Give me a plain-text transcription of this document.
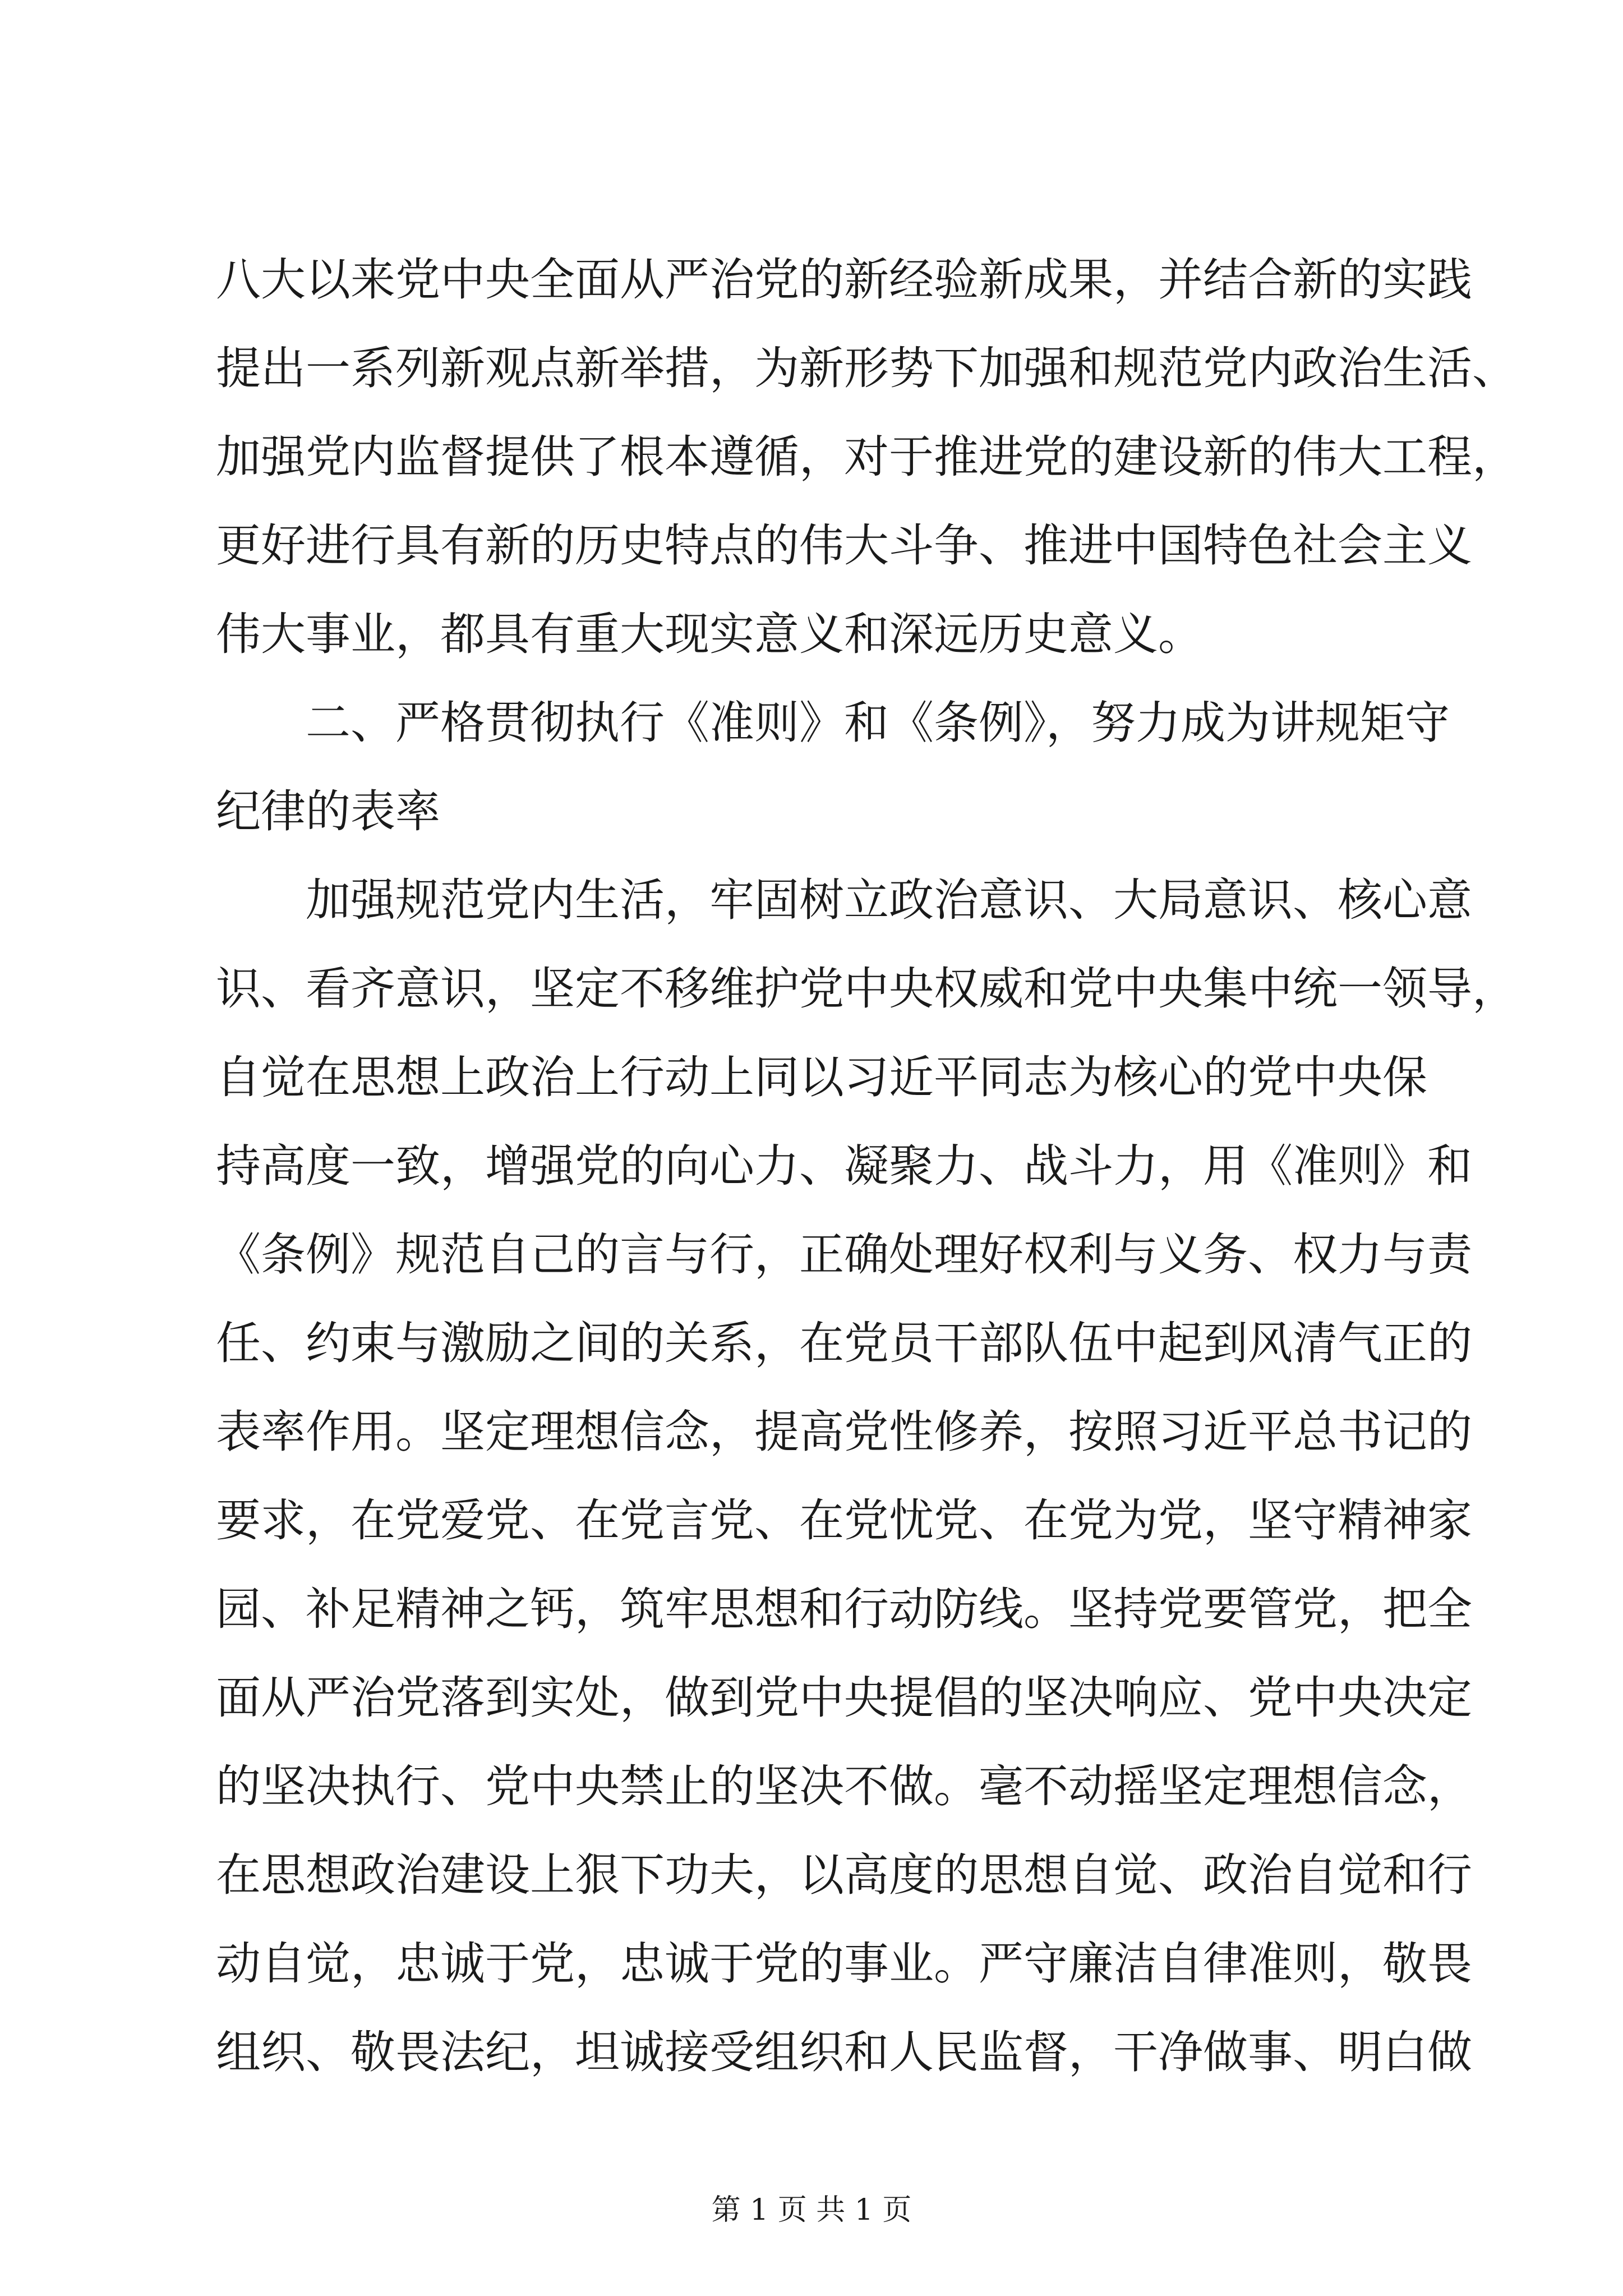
八大以来党中央全面从严治党的新经验新成果，并结合新的实践
提出一系列新观点新举措，为新形势下加强和规范党内政治生活、
加强党内监督提供了根本遵循，对于推进党的建设新的伟大工程，
更好进行具有新的历史特点的伟大斗争、推进中国特色社会主义
伟大事业，都具有重大现实意义和深远历史意义。
二、严格贯彻执行《准则》和《条例》，努力成为讲规矩守
纪律的表率
加强规范党内生活，牢固树立政治意识、大局意识、核心意
识、看齐意识，坚定不移维护党中央权威和党中央集中统一领导，
自觉在思想上政治上行动上同以习近平同志为核心的党中央保
持高度一致，增强党的向心力、凝聚力、战斗力，用《准则》和
《条例》规范自己的言与行，正确处理好权利与义务、权力与责
任、约束与激励之间的关系，在党员干部队伍中起到风清气正的
表率作用。坚定理想信念，提高党性修养，按照习近平总书记的
要求，在党爱党、在党言党、在党忧党、在党为党，坚守精神家
园、补足精神之钙，筑牢思想和行动防线。坚持党要管党，把全
面从严治党落到实处，做到党中央提倡的坚决响应、党中央决定
的坚决执行、党中央禁止的坚决不做。毫不动摇坚定理想信念，
在思想政治建设上狠下功夫，以高度的思想自觉、政治自觉和行
动自觉，忠诚于党，忠诚于党的事业。严守廉洁自律准则，敬畏
组织、敬畏法纪，坦诚接受组织和人民监督，干净做事、明白做
第 1 页 共 1 页
